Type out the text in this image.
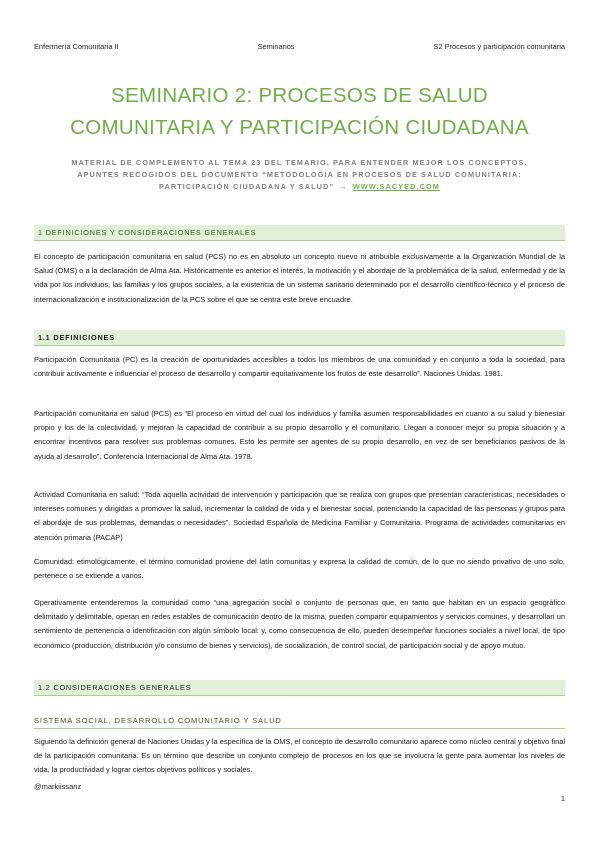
Enfermería Comunitaria II	Seminarios	S2 Procesos y participación comunitaria
SEMINARIO 2: PROCESOS DE SALUD
COMUNITARIA Y PARTICIPACIÓN CIUDADANA
MATERIAL DE COMPLEMENTO AL TEMA 23 DEL TEMARIO, PARA ENTENDER MEJOR LOS CONCEPTOS.
APUNTES RECOGIDOS DEL DOCUMENTO “METODOLOGIA EN PROCESOS DE SALUD COMUNITARIA:
PARTICIPACIÓN CIUDADANA Y SALUD” → WWW.SACYED.COM
1 DEFINICIONES Y CONSIDERACIONES GENERALES

El concepto de participación comunitaria en salud (PCS) no es en absoluto un concepto nuevo ni atribuible exclusivamente a la Organización Mundial de la Salud (OMS) o a la declaración de Alma Ata. Históricamente es anterior el interés, la motivación y el abordaje de la problemática de la salud, enfermedad y de la vida por los individuos, las familias y los grupos sociales, a la existencia de un sistema sanitario determinado por el desarrollo científico-técnico y el proceso de internacionalización e institucionalización de la PCS sobre el que se centra este breve encuadre.

1.1 DEFINICIONES

Participación Comunitaria (PC) es la creación de oportunidades accesibles a todos los miembros de una comunidad y en conjunto a toda la sociedad, para contribuir activamente e influenciar el proceso de desarrollo y compartir equitativamente los frutos de este desarrollo”. Naciones Unidas. 1981.

Participación comunitaria en salud (PCS) es “El proceso en virtud del cual los individuos y familia asumen responsabilidades en cuanto a su salud y bienestar propio y los de la colectividad, y mejoran la capacidad de contribuir a su propio desarrollo y el comunitario. Llegan a conocer mejor su propia situación y a encontrar incentivos para resolver sus problemas comunes. Esto les permite ser agentes de su propio desarrollo, en vez de ser beneficiarios pasivos de la ayuda al desarrollo”. Conferencia Internacional de Alma Ata. 1978.

Actividad Comunitaria en salud: “Toda aquella actividad de intervención y participación que se realiza con grupos que presentan características, necesidades o intereses comunes y dirigidas a promover la salud, incrementar la calidad de vida y el bienestar social, potenciando la capacidad de las personas y grupos para el abordaje de sus problemas, demandas o necesidades”. Sociedad Española de Medicina Familiar y Comunitaria. Programa de actividades comunitarias en atención primaria (PACAP)

Comunidad: etimológicamente, el término comunidad proviene del latín comunitas y expresa la calidad de común, de lo que no siendo privativo de uno solo, pertenece o se extiende a varios.

Operativamente entenderemos la comunidad como “una agregación social o conjunto de personas que, en tanto que habitan en un espacio geográfico delimitado y delimitable, operan en redes estables de comunicación dentro de la misma, pueden compartir equipamientos y servicios comunes, y desarrollan un sentimiento de pertenencia o identificación con algún símbolo local: y, como consecuencia de ello, pueden desempeñar funciones sociales a nivel local, de tipo económico (producción, distribución y/o consumo de bienes y servicios), de socialización, de control social, de participación social y de apoyo mutuo.

1.2 CONSIDERACIONES GENERALES
SISTEMA SOCIAL, DESARROLLO COMUNITARIO Y SALUD

Siguiendo la definición general de Naciones Unidas y la específica de la OMS, el concepto de desarrollo comunitario aparece como núcleo central y objetivo final de la participación comunitaria. Es un término que describe un conjunto complejo de procesos en los que se involucra la gente para aumentar los niveles de vida, la productividad y lograr ciertos objetivos políticos y sociales.

@markiissanz
1
